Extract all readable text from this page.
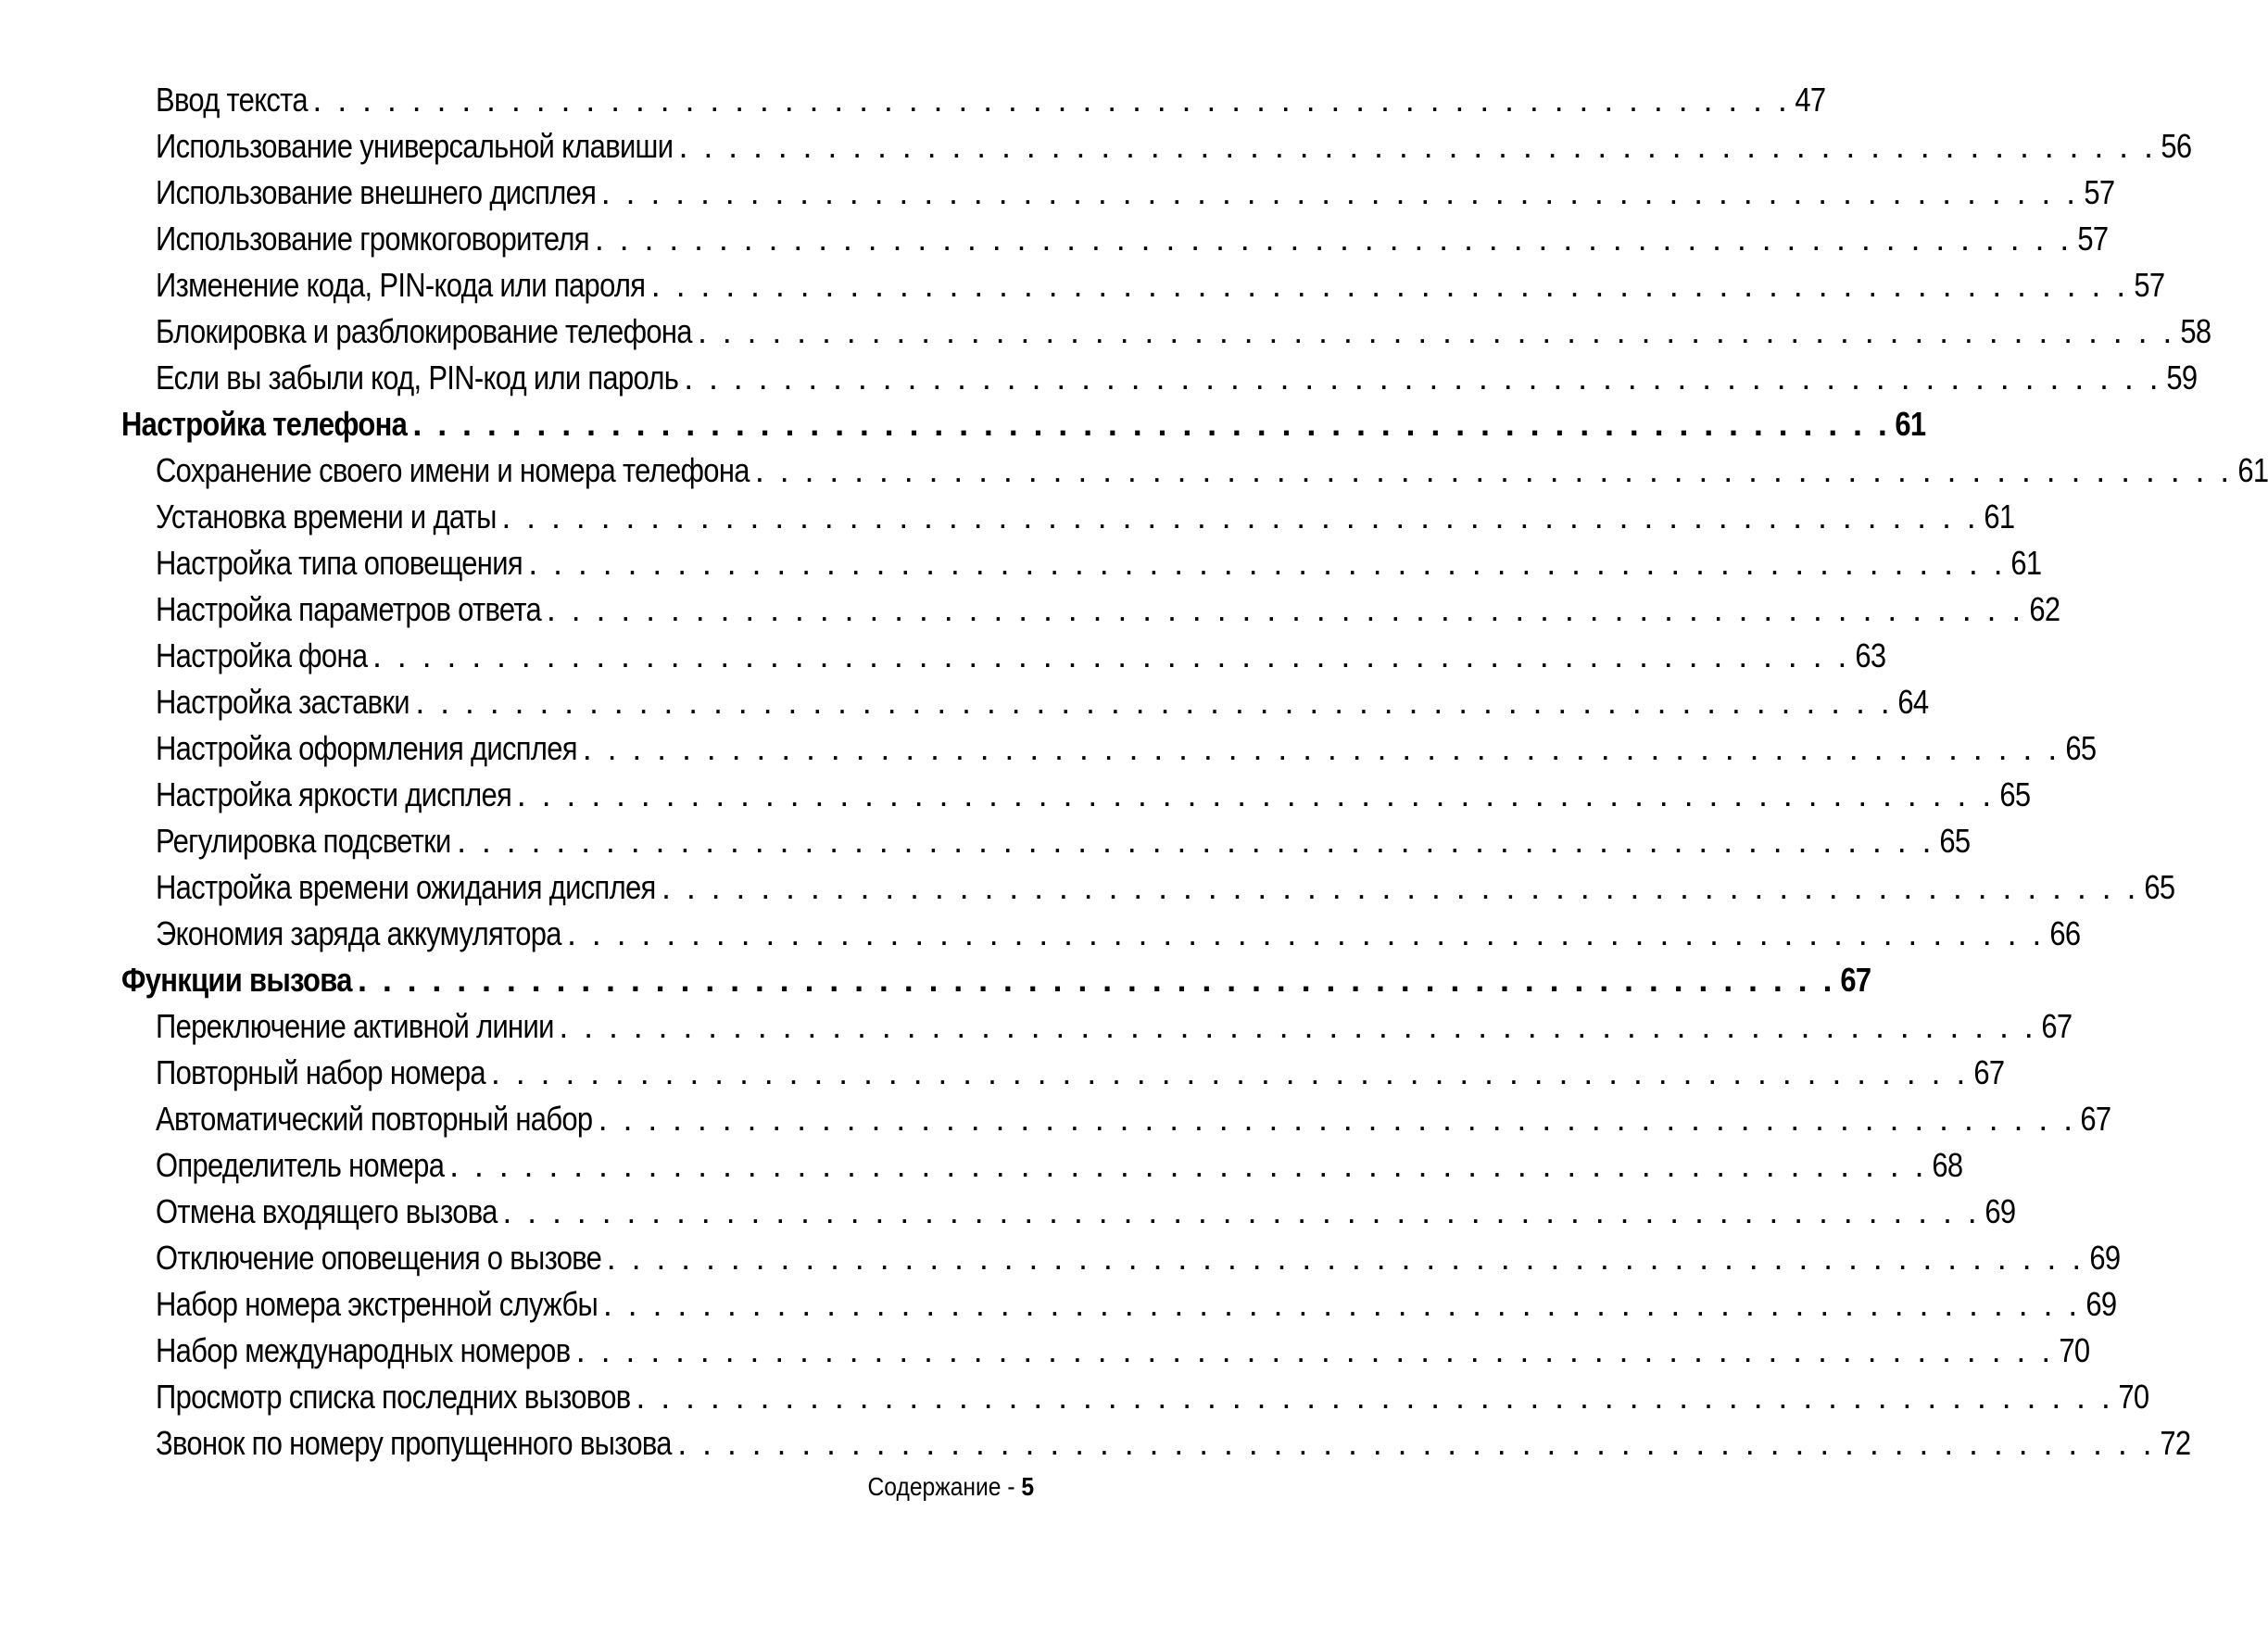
Ввод текста . . . . . . . . . . . . . . . . . . . . . . . . . . . . . . . . . . . . . . . . . . . . . . . . . . . . . . . . . . . . 47
Использование универсальной клавиши . . . . . . . . . . . . . . . . . . . . . . . . . . . . . . . . . . . . . . . . . . . . . . . . . . . . . . . . . . . . 56
Использование внешнего дисплея . . . . . . . . . . . . . . . . . . . . . . . . . . . . . . . . . . . . . . . . . . . . . . . . . . . . . . . . . . . . 57
Использование громкоговорителя . . . . . . . . . . . . . . . . . . . . . . . . . . . . . . . . . . . . . . . . . . . . . . . . . . . . . . . . . . . . 57
Изменение кода, PIN-кода или пароля . . . . . . . . . . . . . . . . . . . . . . . . . . . . . . . . . . . . . . . . . . . . . . . . . . . . . . . . . . . . 57
Блокировка и разблокирование телефона . . . . . . . . . . . . . . . . . . . . . . . . . . . . . . . . . . . . . . . . . . . . . . . . . . . . . . . . . . . . 58
Если вы забыли код, PIN-код или пароль . . . . . . . . . . . . . . . . . . . . . . . . . . . . . . . . . . . . . . . . . . . . . . . . . . . . . . . . . . . . 59
Настройка телефона . . . . . . . . . . . . . . . . . . . . . . . . . . . . . . . . . . . . . . . . . . . . . . . . . . . . . . . . . . . . 61
Сохранение своего имени и номера телефона . . . . . . . . . . . . . . . . . . . . . . . . . . . . . . . . . . . . . . . . . . . . . . . . . . . . . . . . . . . . 61
Установка времени и даты . . . . . . . . . . . . . . . . . . . . . . . . . . . . . . . . . . . . . . . . . . . . . . . . . . . . . . . . . . . . 61
Настройка типа оповещения . . . . . . . . . . . . . . . . . . . . . . . . . . . . . . . . . . . . . . . . . . . . . . . . . . . . . . . . . . . . 61
Настройка параметров ответа . . . . . . . . . . . . . . . . . . . . . . . . . . . . . . . . . . . . . . . . . . . . . . . . . . . . . . . . . . . . 62
Настройка фона . . . . . . . . . . . . . . . . . . . . . . . . . . . . . . . . . . . . . . . . . . . . . . . . . . . . . . . . . . . . 63
Настройка заставки . . . . . . . . . . . . . . . . . . . . . . . . . . . . . . . . . . . . . . . . . . . . . . . . . . . . . . . . . . . . 64
Настройка оформления дисплея . . . . . . . . . . . . . . . . . . . . . . . . . . . . . . . . . . . . . . . . . . . . . . . . . . . . . . . . . . . . 65
Настройка яркости дисплея . . . . . . . . . . . . . . . . . . . . . . . . . . . . . . . . . . . . . . . . . . . . . . . . . . . . . . . . . . . . 65
Регулировка подсветки . . . . . . . . . . . . . . . . . . . . . . . . . . . . . . . . . . . . . . . . . . . . . . . . . . . . . . . . . . . . 65
Настройка времени ожидания дисплея . . . . . . . . . . . . . . . . . . . . . . . . . . . . . . . . . . . . . . . . . . . . . . . . . . . . . . . . . . . . 65
Экономия заряда аккумулятора . . . . . . . . . . . . . . . . . . . . . . . . . . . . . . . . . . . . . . . . . . . . . . . . . . . . . . . . . . . . 66
Функции вызова . . . . . . . . . . . . . . . . . . . . . . . . . . . . . . . . . . . . . . . . . . . . . . . . . . . . . . . . . . . . 67
Переключение активной линии . . . . . . . . . . . . . . . . . . . . . . . . . . . . . . . . . . . . . . . . . . . . . . . . . . . . . . . . . . . . 67
Повторный набор номера . . . . . . . . . . . . . . . . . . . . . . . . . . . . . . . . . . . . . . . . . . . . . . . . . . . . . . . . . . . . 67
Автоматический повторный набор . . . . . . . . . . . . . . . . . . . . . . . . . . . . . . . . . . . . . . . . . . . . . . . . . . . . . . . . . . . . 67
Определитель номера . . . . . . . . . . . . . . . . . . . . . . . . . . . . . . . . . . . . . . . . . . . . . . . . . . . . . . . . . . . . 68
Отмена входящего вызова . . . . . . . . . . . . . . . . . . . . . . . . . . . . . . . . . . . . . . . . . . . . . . . . . . . . . . . . . . . . 69
Отключение оповещения о вызове . . . . . . . . . . . . . . . . . . . . . . . . . . . . . . . . . . . . . . . . . . . . . . . . . . . . . . . . . . . . 69
Набор номера экстренной службы . . . . . . . . . . . . . . . . . . . . . . . . . . . . . . . . . . . . . . . . . . . . . . . . . . . . . . . . . . . . 69
Набор международных номеров . . . . . . . . . . . . . . . . . . . . . . . . . . . . . . . . . . . . . . . . . . . . . . . . . . . . . . . . . . . . 70
Просмотр списка последних вызовов . . . . . . . . . . . . . . . . . . . . . . . . . . . . . . . . . . . . . . . . . . . . . . . . . . . . . . . . . . . . 70
Звонок по номеру пропущенного вызова . . . . . . . . . . . . . . . . . . . . . . . . . . . . . . . . . . . . . . . . . . . . . . . . . . . . . . . . . . . . 72
Содержание - 5
